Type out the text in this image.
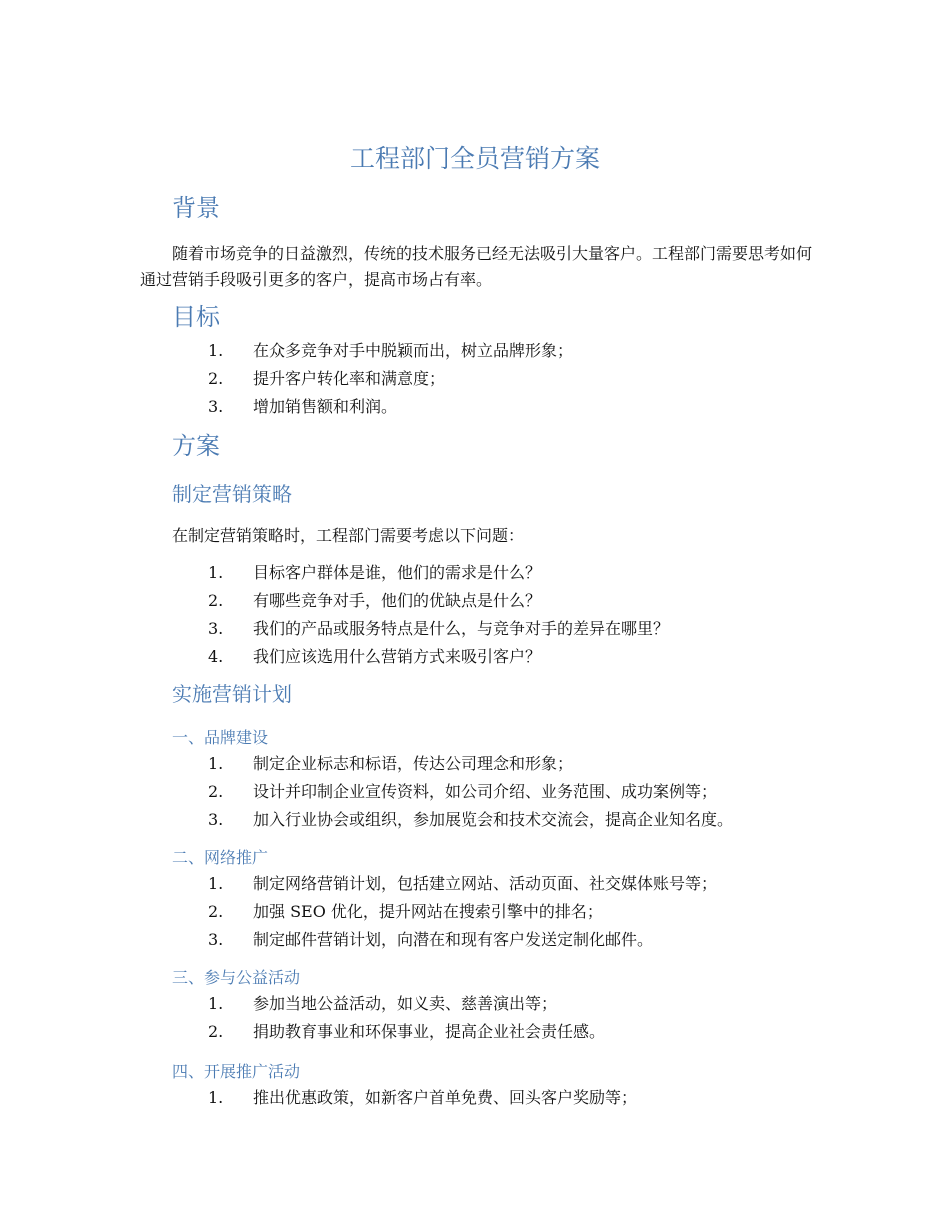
工程部门全员营销方案
背景

随着市场竞争的日益激烈，传统的技术服务已经无法吸引大量客户。工程部门需要思考如何通过营销手段吸引更多的客户，提高市场占有率。

目标
1.	在众多竞争对手中脱颖而出，树立品牌形象；
2.	提升客户转化率和满意度；
3.	增加销售额和利润。
方案
制定营销策略

在制定营销策略时，工程部门需要考虑以下问题：

1.	目标客户群体是谁，他们的需求是什么？
2.	有哪些竞争对手，他们的优缺点是什么？
3.	我们的产品或服务特点是什么，与竞争对手的差异在哪里？
4.	我们应该选用什么营销方式来吸引客户？
实施营销计划
一、品牌建设
1.	制定企业标志和标语，传达公司理念和形象；
2.	设计并印制企业宣传资料，如公司介绍、业务范围、成功案例等；
3.	加入行业协会或组织，参加展览会和技术交流会，提高企业知名度。
二、网络推广
1.	制定网络营销计划，包括建立网站、活动页面、社交媒体账号等；
2.	加强 SEO 优化，提升网站在搜索引擎中的排名；
3.	制定邮件营销计划，向潜在和现有客户发送定制化邮件。
三、参与公益活动
1.	参加当地公益活动，如义卖、慈善演出等；
2.	捐助教育事业和环保事业，提高企业社会责任感。
四、开展推广活动
1.	推出优惠政策，如新客户首单免费、回头客户奖励等；
